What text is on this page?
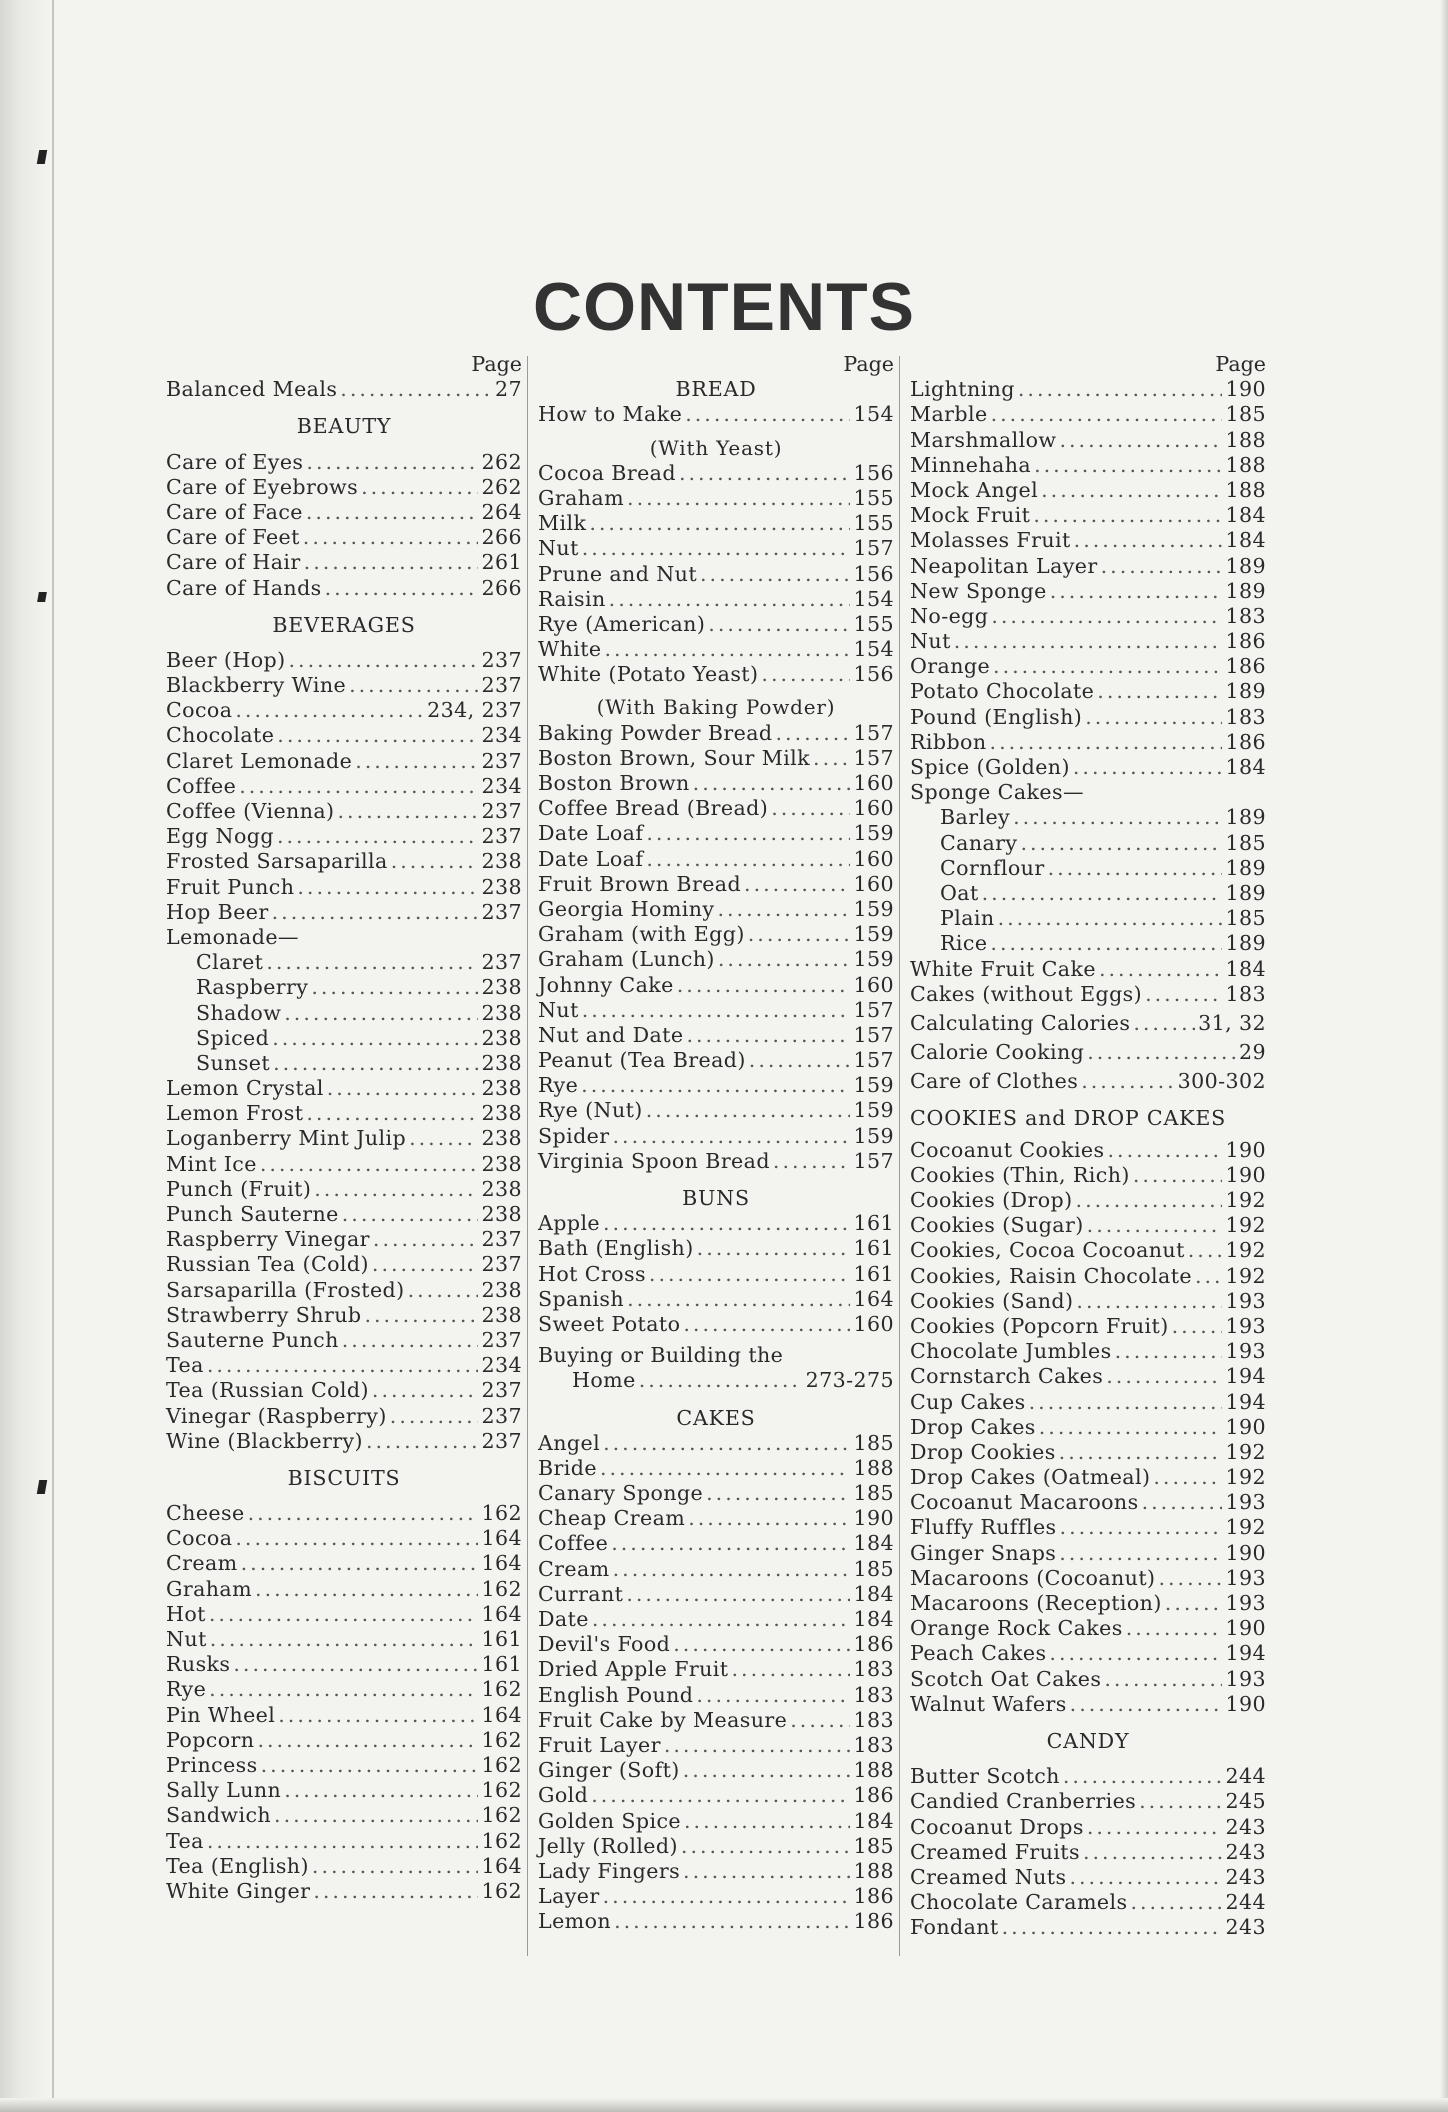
CONTENTS
Page
Balanced Meals .....	27
BEAUTY
Care of Eyes .....	262
Care of Eyebrows .....	262
Care of Face .....	264
Care of Feet .....	266
Care of Hair .....	261
Care of Hands .....	266
BEVERAGES
Beer (Hop) .....	237
Blackberry Wine .....	237
Cocoa .....	234, 237
Chocolate .....	234
Claret Lemonade .....	237
Coffee .....	234
Coffee (Vienna) .....	237
Egg Nogg .....	237
Frosted Sarsaparilla .....	238
Fruit Punch .....	238
Hop Beer .....	237
Lemonade—
Claret .....	237
Raspberry .....	238
Shadow .....	238
Spiced .....	238
Sunset .....	238
Lemon Crystal .....	238
Lemon Frost .....	238
Loganberry Mint Julip .....	238
Mint Ice .....	238
Punch (Fruit) .....	238
Punch Sauterne .....	238
Raspberry Vinegar .....	237
Russian Tea (Cold) .....	237
Sarsaparilla (Frosted) .....	238
Strawberry Shrub .....	238
Sauterne Punch .....	237
Tea .....	234
Tea (Russian Cold) .....	237
Vinegar (Raspberry) .....	237
Wine (Blackberry) .....	237
BISCUITS
Cheese .....	162
Cocoa .....	164
Cream .....	164
Graham .....	162
Hot .....	164
Nut .....	161
Rusks .....	161
Rye .....	162
Pin Wheel .....	164
Popcorn .....	162
Princess .....	162
Sally Lunn .....	162
Sandwich .....	162
Tea .....	162
Tea (English) .....	164
White Ginger .....	162
Page
BREAD
How to Make .....	154
(With Yeast)
Cocoa Bread .....	156
Graham .....	155
Milk .....	155
Nut .....	157
Prune and Nut .....	156
Raisin .....	154
Rye (American) .....	155
White .....	154
White (Potato Yeast) .....	156
(With Baking Powder)
Baking Powder Bread .....	157
Boston Brown, Sour Milk ..... 157
Boston Brown .....	160
Coffee Bread (Bread) .....	160
Date Loaf .....	159
Date Loaf .....	160
Fruit Brown Bread .....	160
Georgia Hominy .....	159
Graham (with Egg) .....	159
Graham (Lunch) .....	159
Johnny Cake .....	160
Nut .....	157
Nut and Date .....	157
Peanut (Tea Bread) .....	157
Rye .....	159
Rye (Nut) .....	159
Spider .....	159
Virginia Spoon Bread .....	157
BUNS
Apple .....	161
Bath (English) .....	161
Hot Cross .....	161
Spanish .....	164
Sweet Potato .....	160
Buying or Building the
Home .....	273-275
CAKES
Angel .....	185
Bride .....	188
Canary Sponge .....	185
Cheap Cream .....	190
Coffee .....	184
Cream .....	185
Currant .....	184
Date .....	184
Devil's Food .....	186
Dried Apple Fruit .....	183
English Pound .....	183
Fruit Cake by Measure .....	183
Fruit Layer .....	183
Ginger (Soft) .....	188
Gold .....	186
Golden Spice .....	184
Jelly (Rolled) .....	185
Lady Fingers .....	188
Layer .....	186
Lemon .....	186
Page
Lightning .....	190
Marble .....	185
Marshmallow .....	188
Minnehaha .....	188
Mock Angel .....	188
Mock Fruit .....	184
Molasses Fruit .....	184
Neapolitan Layer .....	189
New Sponge .....	189
No-egg .....	183
Nut .....	186
Orange .....	186
Potato Chocolate .....	189
Pound (English) .....	183
Ribbon .....	186
Spice (Golden) .....	184
Sponge Cakes—
Barley .....	189
Canary .....	185
Cornflour .....	189
Oat .....	189
Plain .....	185
Rice .....	189
White Fruit Cake .....	184
Cakes (without Eggs) .....	183
Calculating Calories .....	31, 32
Calorie Cooking .....	29
Care of Clothes .....	300-302
COOKIES and DROP CAKES
Cocoanut Cookies .....	190
Cookies (Thin, Rich) .....	190
Cookies (Drop) .....	192
Cookies (Sugar) .....	192
Cookies, Cocoa Cocoanut ..... 192
Cookies, Raisin Chocolate ..... 192
Cookies (Sand) .....	193
Cookies (Popcorn Fruit) .....	193
Chocolate Jumbles .....	193
Cornstarch Cakes .....	194
Cup Cakes .....	194
Drop Cakes .....	190
Drop Cookies .....	192
Drop Cakes (Oatmeal) .....	192
Cocoanut Macaroons .....	193
Fluffy Ruffles .....	192
Ginger Snaps .....	190
Macaroons (Cocoanut) .....	193
Macaroons (Reception) .....	193
Orange Rock Cakes .....	190
Peach Cakes .....	194
Scotch Oat Cakes .....	193
Walnut Wafers .....	190
CANDY
Butter Scotch .....	244
Candied Cranberries .....	245
Cocoanut Drops .....	243
Creamed Fruits .....	243
Creamed Nuts .....	243
Chocolate Caramels .....	244
Fondant .....	243
